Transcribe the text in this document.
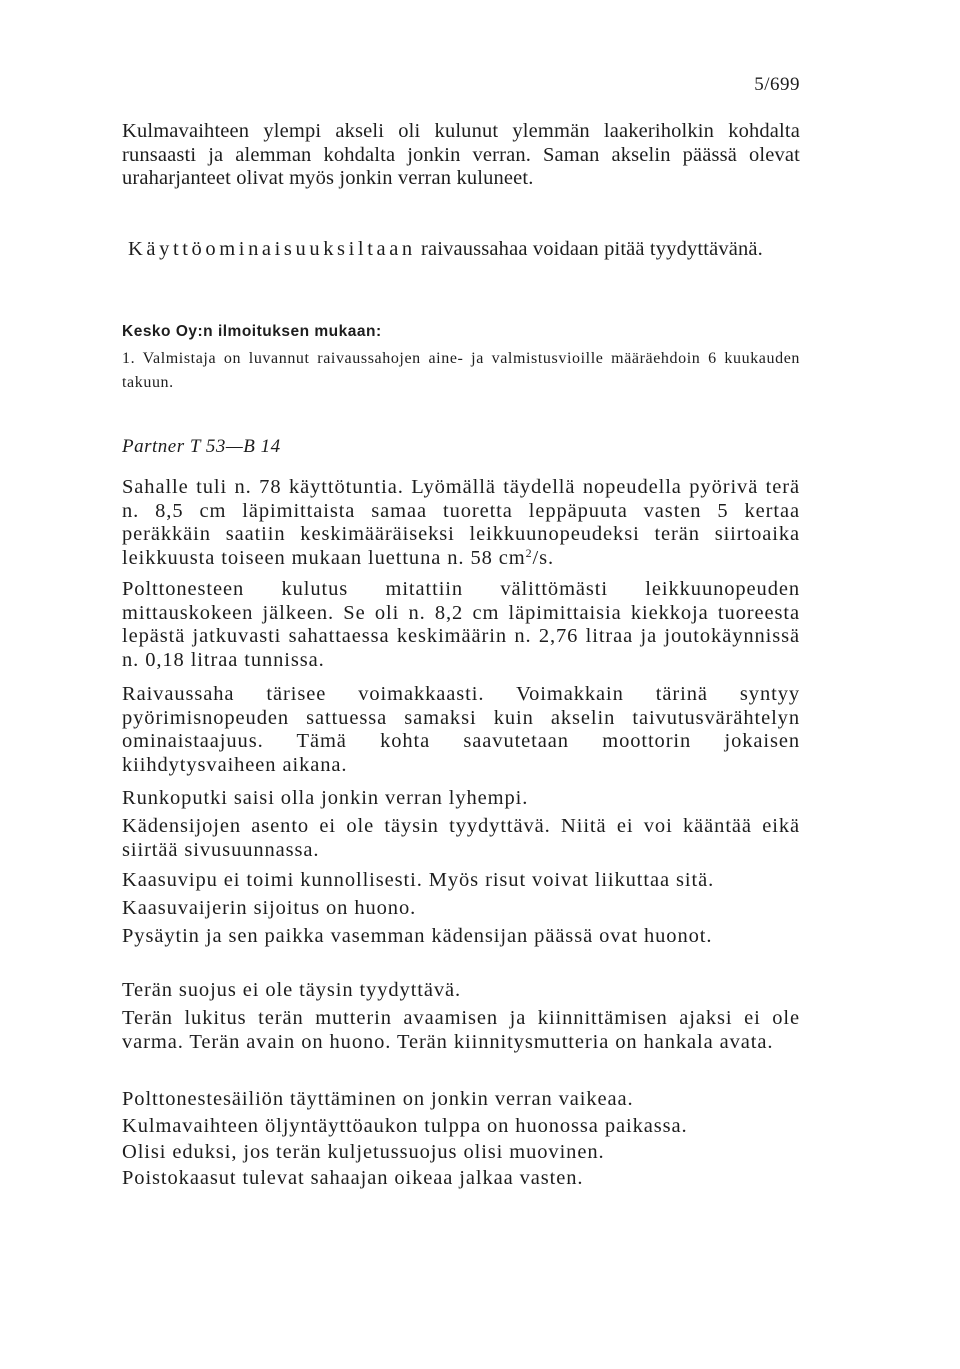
5/699

Kulmavaihteen ylempi akseli oli kulunut ylemmän laakeriholkin kohdalta runsaasti ja alemman kohdalta jonkin verran. Saman akselin päässä olevat uraharjanteet olivat myös jonkin verran kuluneet.

Käyttöominaisuuksiltaan raivaussahaa voidaan pitää tyydyttävänä.

Kesko Oy:n ilmoituksen mukaan:

1. Valmistaja on luvannut raivaussahojen aine- ja valmistusvioille määräehdoin 6 kuukauden takuun.

Partner T 53—B 14

Sahalle tuli n. 78 käyttötuntia. Lyömällä täydellä nopeudella pyörivä terä n. 8,5 cm läpimittaista samaa tuoretta leppäpuuta vasten 5 kertaa peräkkäin saatiin keskimääräiseksi leikkuunopeudeksi terän siirtoaika leikkuusta toiseen mukaan luettuna n. 58 $cm^2/s$.

Polttonesteen kulutus mitattiin välittömästi leikkuunopeuden mittauskokeen jälkeen. Se oli n. 8,2 cm läpimittaisia kiekkoja tuoreesta lepästä jatkuvasti sahattaessa keskimäärin n. 2,76 litraa ja joutokäynnissä n. 0,18 litraa tunnissa.

Raivaussaha tärisee voimakkaasti. Voimakkain tärinä syntyy pyörimisnopeuden sattuessa samaksi kuin akselin taivutusvärähtelyn ominaistaajuus. Tämä kohta saavutetaan moottorin jokaisen kiihdytysvaiheen aikana.

Runkoputki saisi olla jonkin verran lyhempi.

Kädensijojen asento ei ole täysin tyydyttävä. Niitä ei voi kääntää eikä siirtää sivusuunnassa.

Kaasuvipu ei toimi kunnollisesti. Myös risut voivat liikuttaa sitä.

Kaasuvaijerin sijoitus on huono.

Pysäytin ja sen paikka vasemman kädensijan päässä ovat huonot.

Terän suojus ei ole täysin tyydyttävä.

Terän lukitus terän mutterin avaamisen ja kiinnittämisen ajaksi ei ole varma. Terän avain on huono. Terän kiinnitysmutteria on hankala avata.

Polttonestesäiliön täyttäminen on jonkin verran vaikeaa.

Kulmavaihteen öljyntäyttöaukon tulppa on huonossa paikassa.

Olisi eduksi, jos terän kuljetussuojus olisi muovinen.

Poistokaasut tulevat sahaajan oikeaa jalkaa vasten.
